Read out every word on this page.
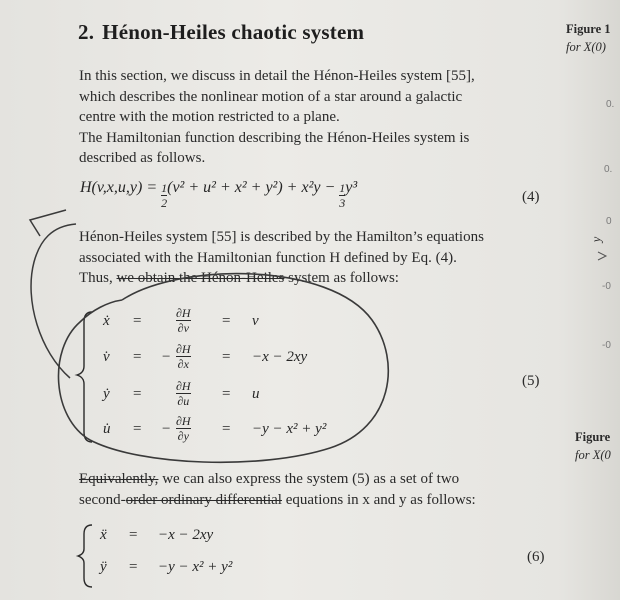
2. Hénon-Heiles chaotic system
In this section, we discuss in detail the Hénon-Heiles system [55],
which describes the nonlinear motion of a star around a galactic
centre with the motion restricted to a plane.
The Hamiltonian function describing the Hénon-Heiles system is
described as follows.
$H(v,x,u,y) = \frac{1}{2} (v^2 + u^2 + x^2 + y^2) + x^2y - \frac{1}{3} y^3$
(4)
Hénon-Heiles system [55] is described by the Hamilton’s equations
associated with the Hamiltonian function H defined by Eq. (4).
Thus, we obtain the Hénon-Heiles system as follows:
ẋ =	∂H
∂v = v
v̇ = − ∂H
∂x = −x − 2xy
ẏ =	∂H
∂u = u
u̇ = − ∂H
∂y = −y − x² + y²
(5)
Equivalently, we can also express the system (5) as a set of two
second-order ordinary differential equations in x and y as follows:
ẍ = −x − 2xy
ÿ = −y − x² + y²
(6)
Figure 1
for X(0)
0.
0.
0
y
-0
-0
Figure
for X(0
